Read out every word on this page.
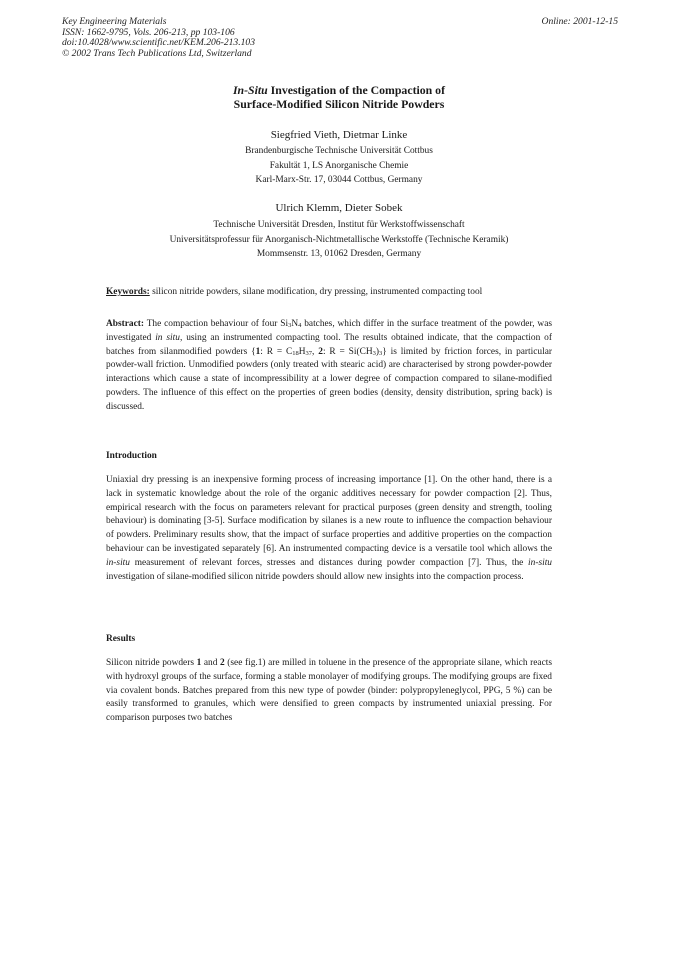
Key Engineering Materials
ISSN: 1662-9795, Vols. 206-213, pp 103-106
doi:10.4028/www.scientific.net/KEM.206-213.103
© 2002 Trans Tech Publications Ltd, Switzerland
Online: 2001-12-15
In-Situ Investigation of the Compaction of
Surface-Modified Silicon Nitride Powders
Siegfried Vieth, Dietmar Linke
Brandenburgische Technische Universität Cottbus
Fakultät 1, LS Anorganische Chemie
Karl-Marx-Str. 17, 03044 Cottbus, Germany
Ulrich Klemm, Dieter Sobek
Technische Universität Dresden, Institut für Werkstoffwissenschaft
Universitätsprofessur für Anorganisch-Nichtmetallische Werkstoffe (Technische Keramik)
Mommsenstr. 13, 01062 Dresden, Germany
Keywords: silicon nitride powders, silane modification, dry pressing, instrumented compacting tool

Abstract: The compaction behaviour of four $Si_3N_4$ batches, which differ in the surface treatment of the powder, was investigated in situ, using an instrumented compacting tool. The results obtained indicate, that the compaction of batches from silanmodified powders {1: $R = C_{18}H_{37}$, 2: $R = Si(CH_3)_3$} is limited by friction forces, in particular powder-wall friction. Unmodified powders (only treated with stearic acid) are characterised by strong powder-powder interactions which cause a state of incompressibility at a lower degree of compaction compared to silane-modified powders. The influence of this effect on the properties of green bodies (density, density distribution, spring back) is discussed.

Introduction

Uniaxial dry pressing is an inexpensive forming process of increasing importance [1]. On the other hand, there is a lack in systematic knowledge about the role of the organic additives necessary for powder compaction [2]. Thus, empirical research with the focus on parameters relevant for practical purposes (green density and strength, tooling behaviour) is dominating [3-5]. Surface modification by silanes is a new route to influence the compaction behaviour of powders. Preliminary results show, that the impact of surface properties and additive properties on the compaction behaviour can be investigated separately [6]. An instrumented compacting device is a versatile tool which allows the in-situ measurement of relevant forces, stresses and distances during powder compaction [7]. Thus, the in-situ investigation of silane-modified silicon nitride powders should allow new insights into the compaction process.

Results

Silicon nitride powders 1 and 2 (see fig.1) are milled in toluene in the presence of the appropriate silane, which reacts with hydroxyl groups of the surface, forming a stable monolayer of modifying groups. The modifying groups are fixed via covalent bonds. Batches prepared from this new type of powder (binder: polypropyleneglycol, PPG, 5 %) can be easily transformed to granules, which were densified to green compacts by instrumented uniaxial pressing. For comparison purposes two batches
